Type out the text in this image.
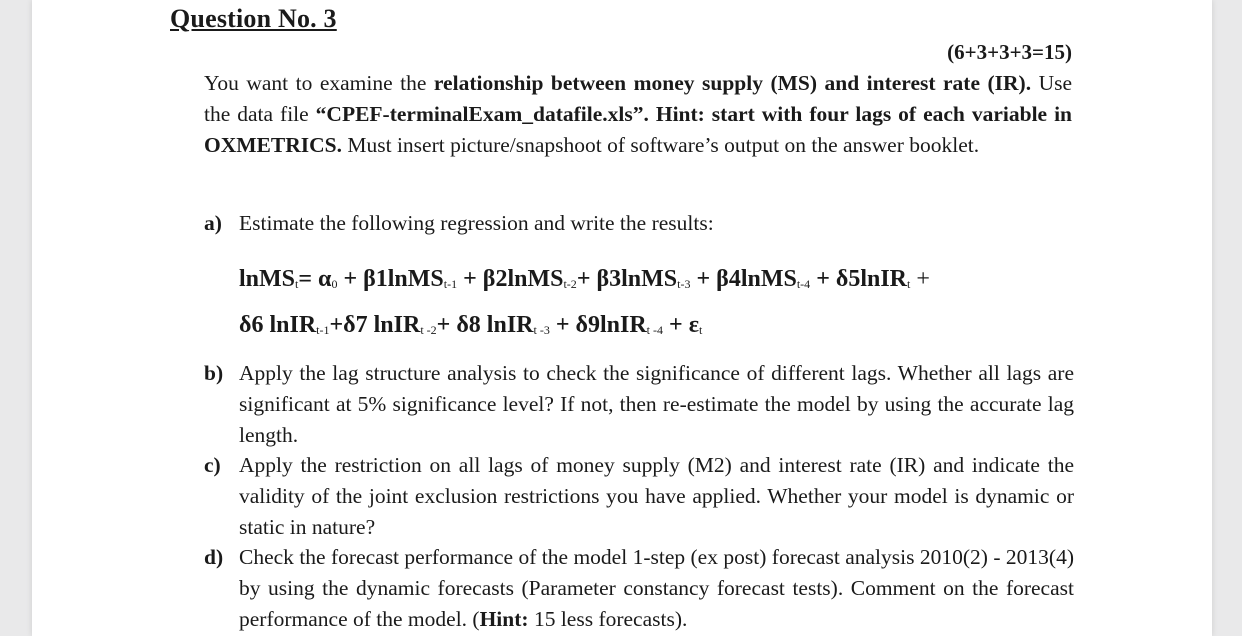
Question No. 3
(6+3+3+3=15)
You want to examine the relationship between money supply (MS) and interest rate (IR). Use the data file “CPEF-terminalExam_datafile.xls”. Hint: start with four lags of each variable in OXMETRICS. Must insert picture/snapshoot of software’s output on the answer booklet.
a) Estimate the following regression and write the results:
lnMS$_t$= $\alpha_0$ + β1lnMS$_{t-1}$ + β2lnMS$_{t-2}$+ β3lnMS$_{t-3}$ + β4lnMS$_{t-4}$ + δ5lnIR$_t$ +
δ6 lnIR$_{t-1}$+δ7 lnIR$_{t -2}$+ δ8 lnIR$_{t -3}$ + δ9lnIR$_{t -4}$ + $\varepsilon_t$
b) Apply the lag structure analysis to check the significance of different lags. Whether all lags are significant at 5% significance level? If not, then re-estimate the model by using the accurate lag length.
c) Apply the restriction on all lags of money supply (M2) and interest rate (IR) and indicate the validity of the joint exclusion restrictions you have applied. Whether your model is dynamic or static in nature?
d) Check the forecast performance of the model 1-step (ex post) forecast analysis 2010(2) - 2013(4) by using the dynamic forecasts (Parameter constancy forecast tests). Comment on the forecast performance of the model. (Hint: 15 less forecasts).
